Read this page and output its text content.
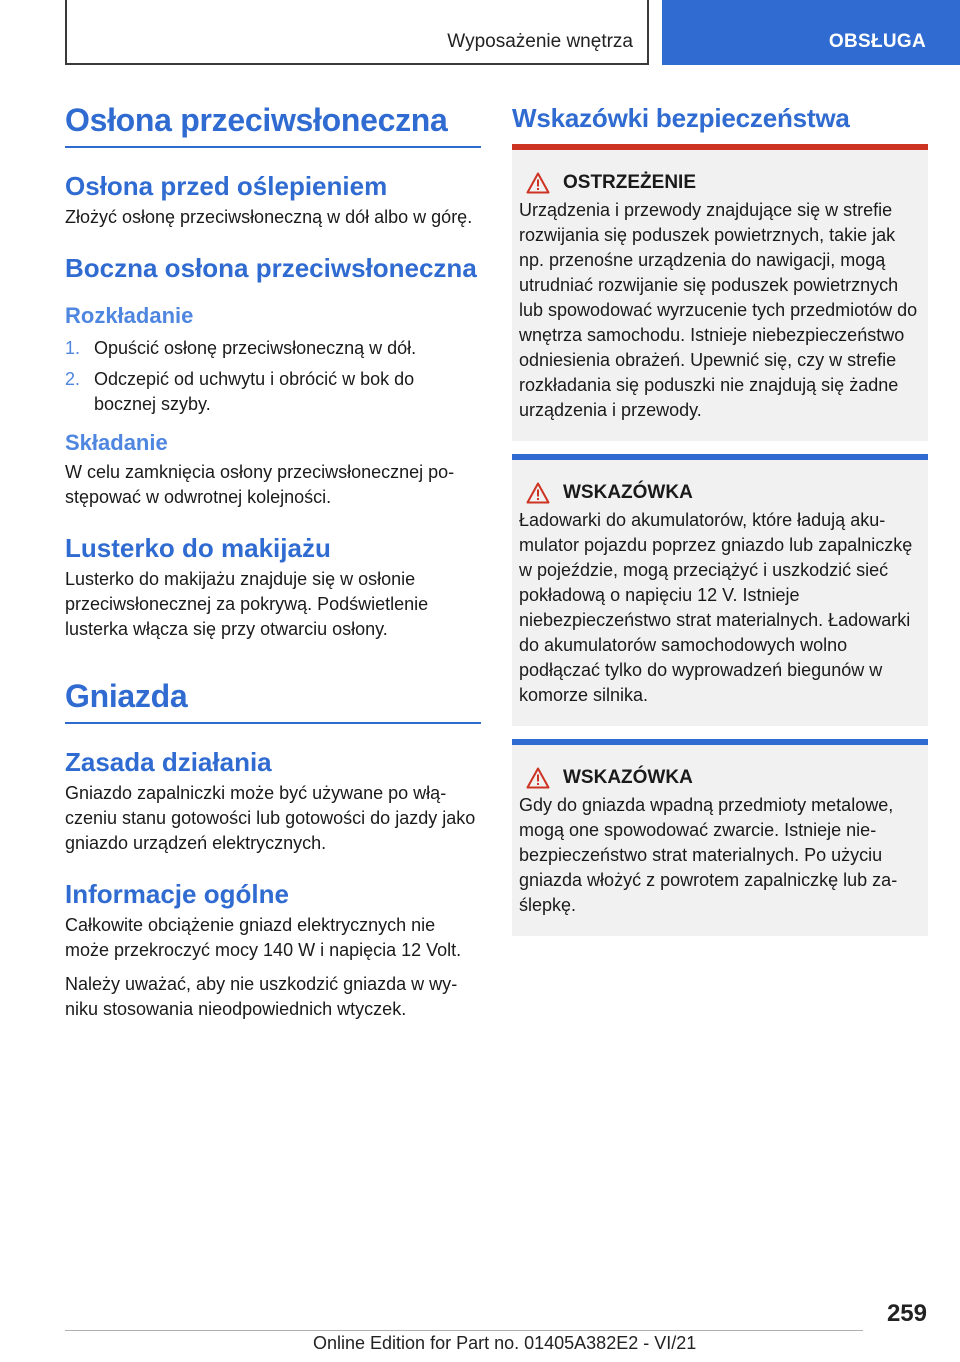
Wyposażenie wnętrza	OBSŁUGA
Osłona przeciwsłoneczna
Osłona przed oślepieniem

Złożyć osłonę przeciwsłoneczną w dół albo w górę.

Boczna osłona przeciwsłoneczna
Rozkładanie
1. Opuścić osłonę przeciwsłoneczną w dół.
2. Odczepić od uchwytu i obrócić w bok do bocznej szyby.
Składanie

W celu zamknięcia osłony przeciwsłonecznej postępować w odwrotnej kolejności.

Lusterko do makijażu

Lusterko do makijażu znajduje się w osłonie przeciwsłonecznej za pokrywą. Podświetlenie lusterka włącza się przy otwarciu osłony.

Gniazda
Zasada działania

Gniazdo zapalniczki może być używane po włączeniu stanu gotowości lub gotowości do jazdy jako gniazdo urządzeń elektrycznych.

Informacje ogólne

Całkowite obciążenie gniazd elektrycznych nie może przekroczyć mocy 140 W i napięcia 12 Volt.

Należy uważać, aby nie uszkodzić gniazda w wyniku stosowania nieodpowiednich wtyczek.

Wskazówki bezpieczeństwa
OSTRZEŻENIE

Urządzenia i przewody znajdujące się w strefie rozwijania się poduszek powietrznych, takie jak np. przenośne urządzenia do nawigacji, mogą utrudniać rozwijanie się poduszek powietrznych lub spowodować wyrzucenie tych przedmiotów do wnętrza samochodu. Istnieje niebezpieczeństwo odniesienia obrażeń. Upewnić się, czy w strefie rozkładania się poduszki nie znajdują się żadne urządzenia i przewody.

WSKAZÓWKA

Ładowarki do akumulatorów, które ładują akumulator pojazdu poprzez gniazdo lub zapalniczkę w pojeździe, mogą przeciążyć i uszkodzić sieć pokładową o napięciu 12 V. Istnieje niebezpieczeństwo strat materialnych. Ładowarki do akumulatorów samochodowych wolno podłączać tylko do wyprowadzeń biegunów w komorze silnika.

WSKAZÓWKA

Gdy do gniazda wpadną przedmioty metalowe, mogą one spowodować zwarcie. Istnieje niebezpieczeństwo strat materialnych. Po użyciu gniazda włożyć z powrotem zapalniczkę lub zaślepkę.

259
Online Edition for Part no. 01405A382E2 - VI/21
